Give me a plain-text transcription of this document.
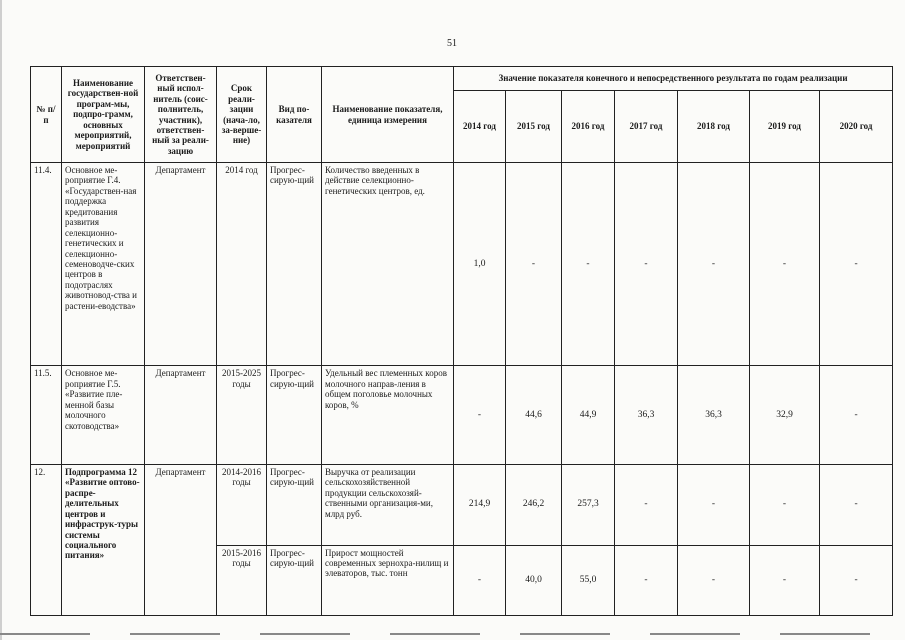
51
№ п/п	Наименование государствен-ной програм-мы, подпро-грамм, основных мероприятий, мероприятий	Ответствен-ный испол-нитель (соис-полнитель, участник), ответствен-ный за реали-зацию	Срок реали-зации (нача-ло, за-верше-ние)	Вид по-казателя	Наименование показателя, единица измерения	Значение показателя конечного и непосредственного результата по годам реализации						
						2014 год	2015 год	2016 год	2017 год	2018 год	2019 год	2020 год
11.4.	Основное ме-роприятие Г.4. «Государствен-ная поддержка кредитования развития селекционно-генетических и селекционно-семеноводче-ских центров в подотраслях животновод-ства и растени-еводства»	Департамент	2014 год	Прогрес-сирую-щий	Количество введенных в действие селекционно-генетических центров, ед.	1,0	-	-	-	-	-	-
11.5.	Основное ме-роприятие Г.5. «Развитие пле-менной базы молочного скотоводства»	Департамент	2015-2025 годы	Прогрес-сирую-щий	Удельный вес племенных коров молочного направ-ления в общем поголовье молочных коров, %	-	44,6	44,9	36,3	36,3	32,9	-
12.	Подпрограмма 12 «Развитие оптово-распре-делительных центров и инфраструк-туры системы социального питания»	Департамент	2014-2016 годы	Прогрес-сирую-щий	Выручка от реализации сельскохозяйственной продукции сельскохозяй-ственными организация-ми, млрд руб.	214,9	246,2	257,3	-	-	-	-
			2015-2016 годы	Прогрес-сирую-щий	Прирост мощностей современных зернохра-нилищ и элеваторов, тыс. тонн	-	40,0	55,0	-	-	-	-
